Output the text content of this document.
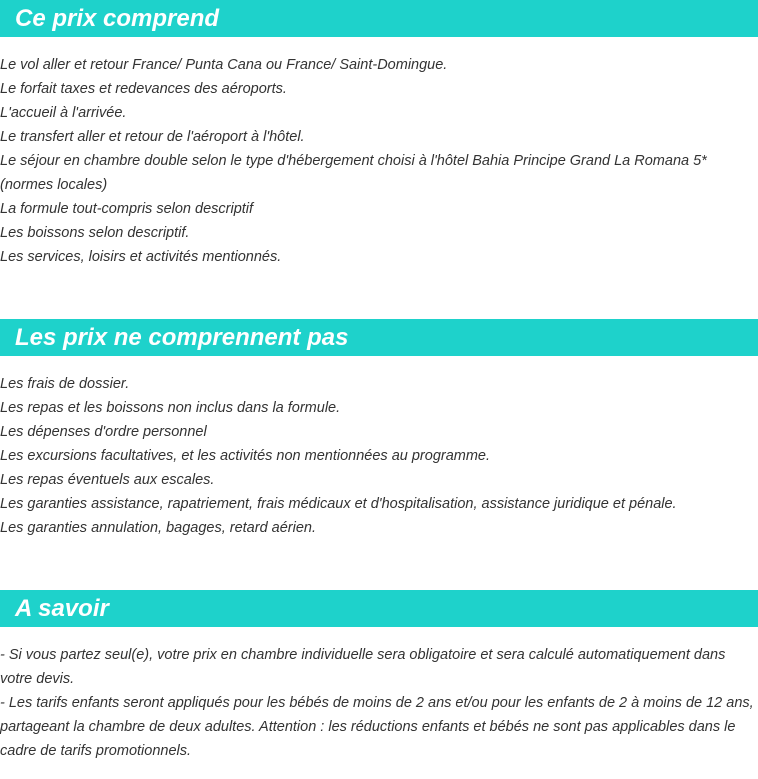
Ce prix comprend

Le vol aller et retour France/ Punta Cana ou France/ Saint-Domingue.

Le forfait taxes et redevances des aéroports.

L'accueil à l'arrivée.

Le transfert aller et retour de l'aéroport à l'hôtel.

Le séjour en chambre double selon le type d'hébergement choisi à l'hôtel Bahia Principe Grand La Romana 5* (normes locales)

La formule tout-compris selon descriptif

Les boissons selon descriptif.

Les services, loisirs et activités mentionnés.

Les prix ne comprennent pas

Les frais de dossier.

Les repas et les boissons non inclus dans la formule.

Les dépenses d'ordre personnel

Les excursions facultatives, et les activités non mentionnées au programme.

Les repas éventuels aux escales.

Les garanties assistance, rapatriement, frais médicaux et d'hospitalisation, assistance juridique et pénale.

Les garanties annulation, bagages, retard aérien.

A savoir

- Si vous partez seul(e), votre prix en chambre individuelle sera obligatoire et sera calculé automatiquement dans votre devis.

- Les tarifs enfants seront appliqués pour les bébés de moins de 2 ans et/ou pour les enfants de 2 à moins de 12 ans, partageant la chambre de deux adultes. Attention : les réductions enfants et bébés ne sont pas applicables dans le cadre de tarifs promotionnels.
